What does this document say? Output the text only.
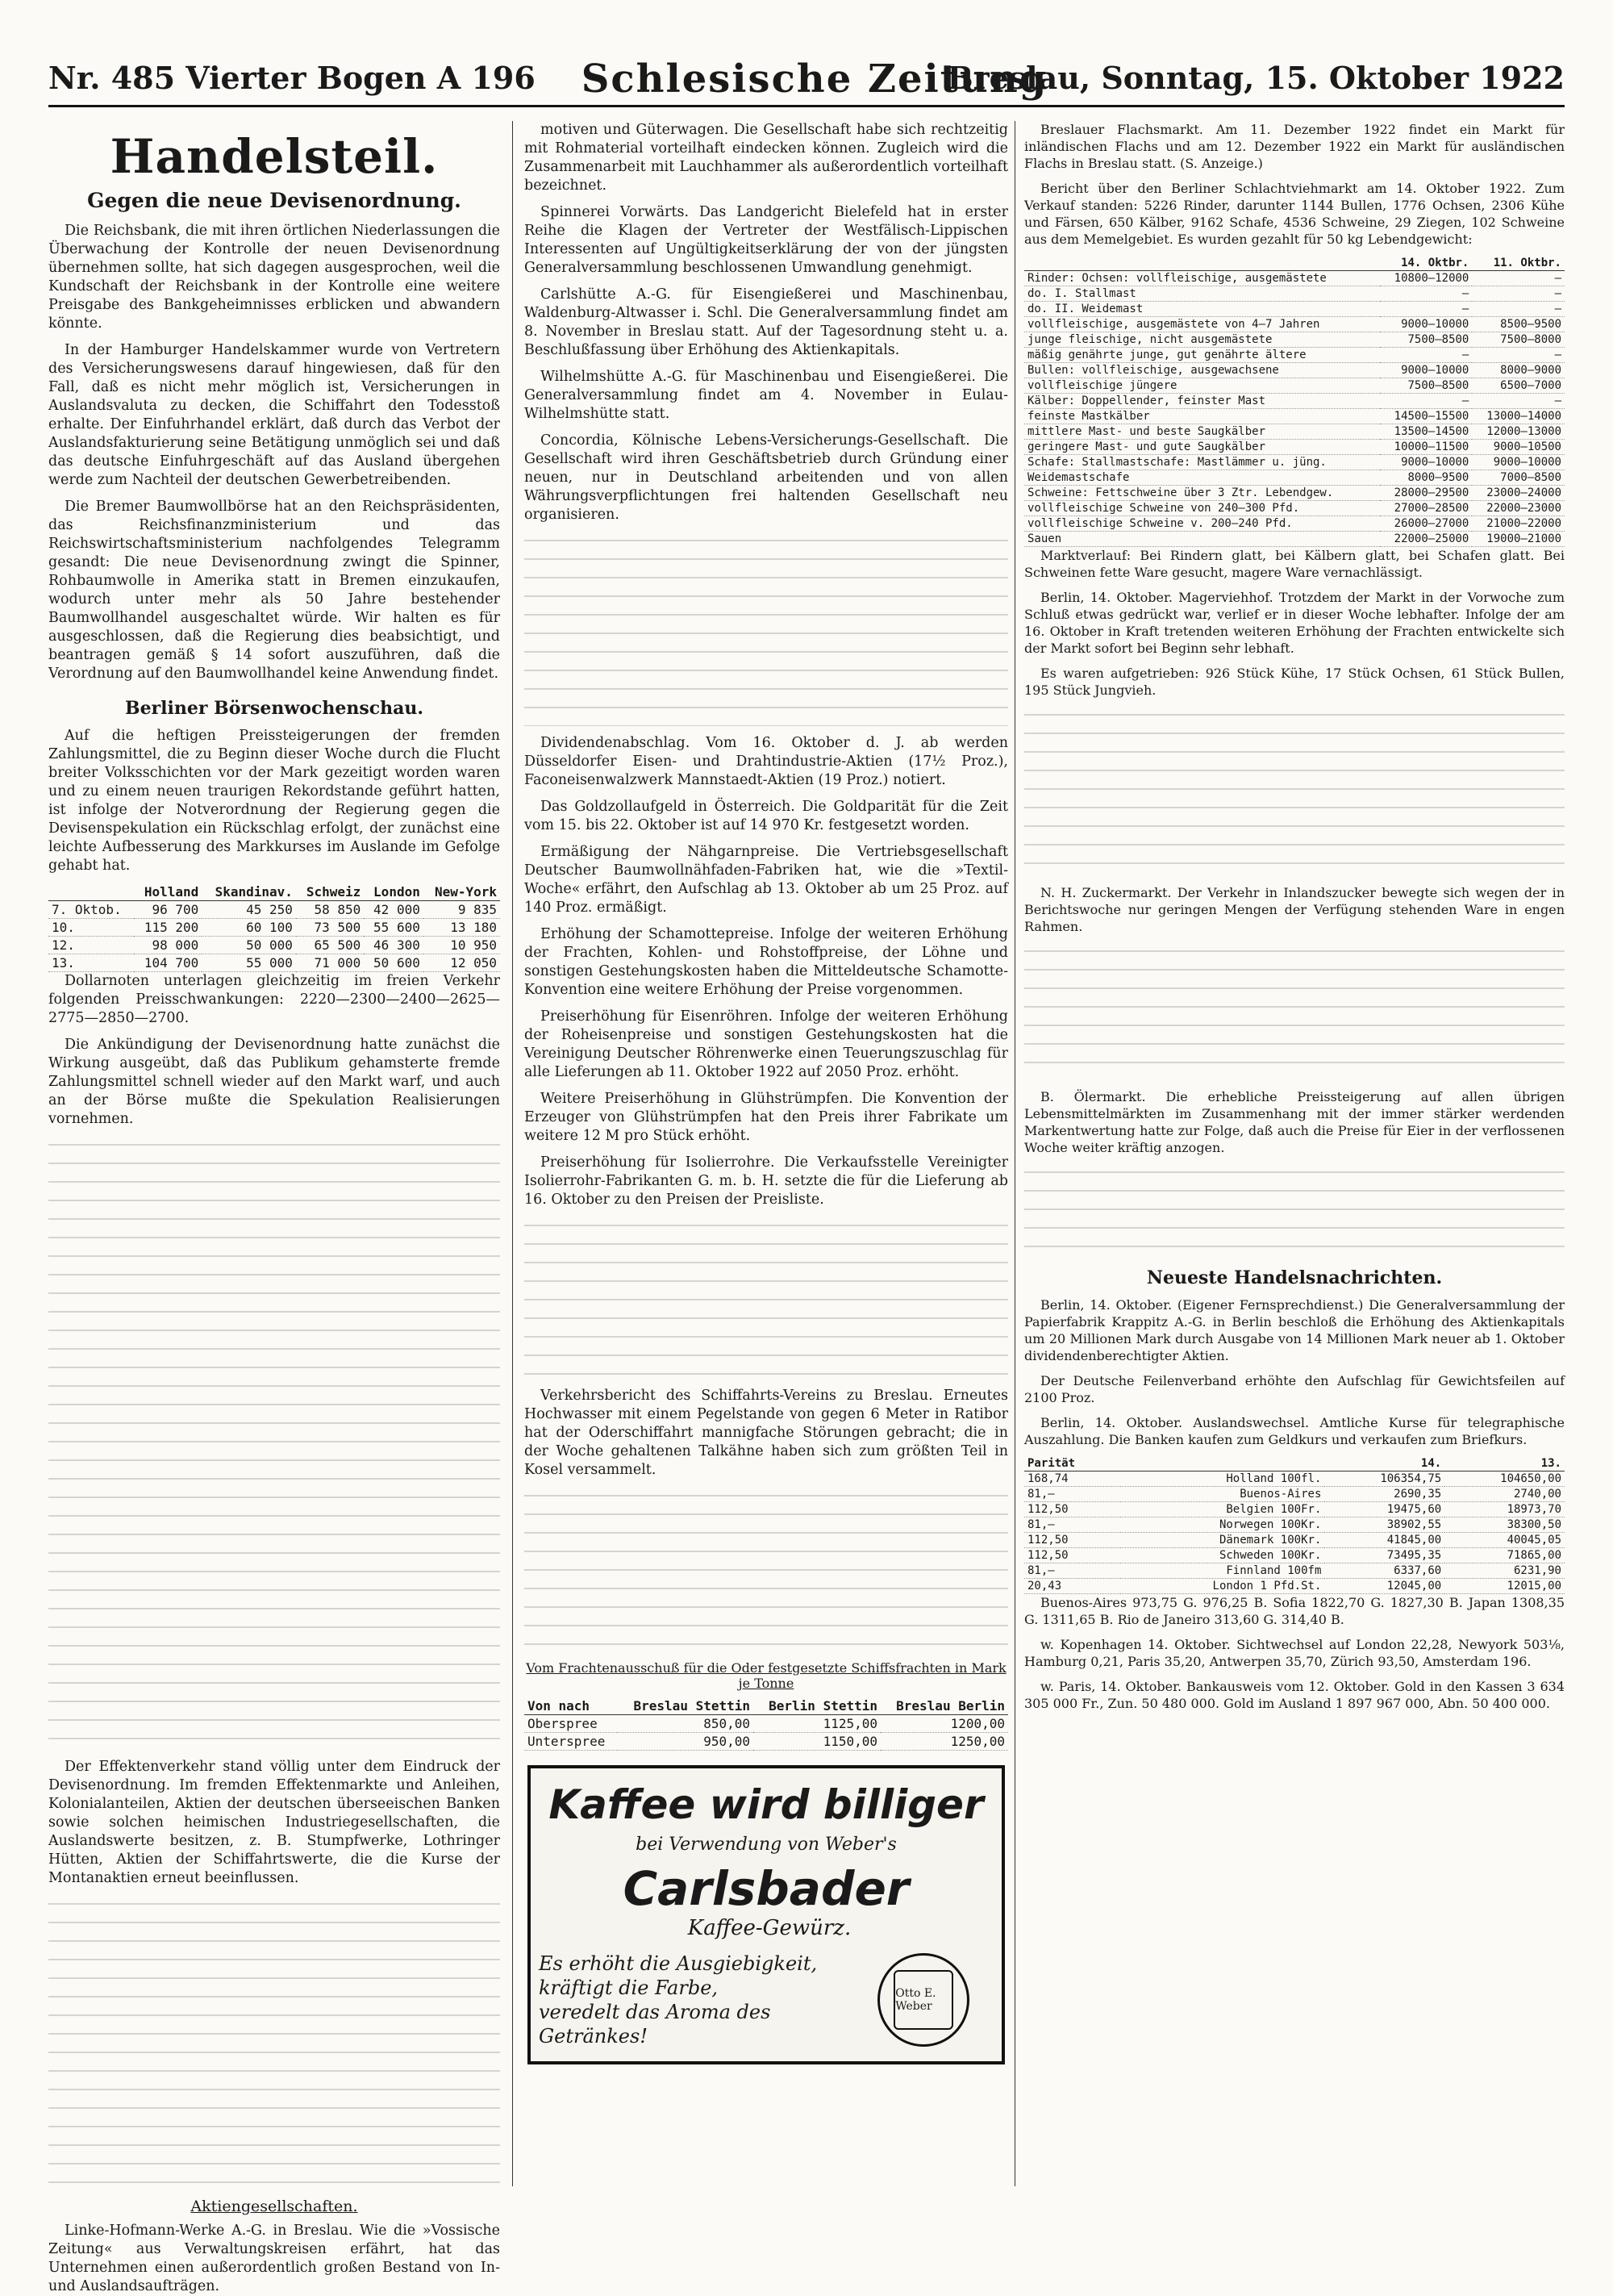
Nr. 485 Vierter Bogen A 196	Schlesische Zeitung
Breslau, Sonntag, 15. Oktober 1922
Handelsteil.
Gegen die neue Devisenordnung.

Die Reichsbank, die mit ihren örtlichen Niederlassungen die Überwachung der Kontrolle der neuen Devisenordnung übernehmen sollte, hat sich dagegen ausgesprochen, weil die Kundschaft der Reichsbank in der Kontrolle eine weitere Preisgabe des Bankgeheimnisses erblicken und abwandern könnte.

In der Hamburger Handelskammer wurde von Vertretern des Versicherungswesens darauf hingewiesen, daß für den Fall, daß es nicht mehr möglich ist, Versicherungen in Auslandsvaluta zu decken, die Schiffahrt den Todesstoß erhalte. Der Einfuhrhandel erklärt, daß durch das Verbot der Auslandsfakturierung seine Betätigung unmöglich sei und daß das deutsche Einfuhrgeschäft auf das Ausland übergehen werde zum Nachteil der deutschen Gewerbetreibenden.

Die Bremer Baumwollbörse hat an den Reichspräsidenten, das Reichsfinanzministerium und das Reichswirtschaftsministerium nachfolgendes Telegramm gesandt: Die neue Devisenordnung zwingt die Spinner, Rohbaumwolle in Amerika statt in Bremen einzukaufen, wodurch unter mehr als 50 Jahre bestehender Baumwollhandel ausgeschaltet würde. Wir halten es für ausgeschlossen, daß die Regierung dies beabsichtigt, und beantragen gemäß § 14 sofort auszuführen, daß die Verordnung auf den Baumwollhandel keine Anwendung findet.

Berliner Börsenwochenschau.

Auf die heftigen Preissteigerungen der fremden Zahlungsmittel, die zu Beginn dieser Woche durch die Flucht breiter Volksschichten vor der Mark gezeitigt worden waren und zu einem neuen traurigen Rekordstande geführt hatten, ist infolge der Notverordnung der Regierung gegen die Devisenspekulation ein Rückschlag erfolgt, der zunächst eine leichte Aufbesserung des Markkurses im Auslande im Gefolge gehabt hat.

	Holland	Skandinav.	Schweiz	London	New-York
7. Oktob.	96 700	45 250	58 850	42 000	9 835
10.	115 200	60 100	73 500	55 600	13 180
12.	98 000	50 000	65 500	46 300	10 950
13.	104 700	55 000	71 000	50 600	12 050

Dollarnoten unterlagen gleichzeitig im freien Verkehr folgenden Preisschwankungen: 2220—2300—2400—2625—2775—2850—2700.

Die Ankündigung der Devisenordnung hatte zunächst die Wirkung ausgeübt, daß das Publikum gehamsterte fremde Zahlungsmittel schnell wieder auf den Markt warf, und auch an der Börse mußte die Spekulation Realisierungen vornehmen.

Der Effektenverkehr stand völlig unter dem Eindruck der Devisenordnung. Im fremden Effektenmarkte und Anleihen, Kolonialanteilen, Aktien der deutschen überseeischen Banken sowie solchen heimischen Industriegesellschaften, die Auslandswerte besitzen, z. B. Stumpfwerke, Lothringer Hütten, Aktien der Schiffahrtswerte, die die Kurse der Montanaktien erneut beeinflussen.

Aktiengesellschaften.

Linke-Hofmann-Werke A.-G. in Breslau. Wie die »Vossische Zeitung« aus Verwaltungskreisen erfährt, hat das Unternehmen einen außerordentlich großen Bestand von In- und Auslandsaufträgen.

motiven und Güterwagen. Die Gesellschaft habe sich rechtzeitig mit Rohmaterial vorteilhaft eindecken können. Zugleich wird die Zusammenarbeit mit Lauchhammer als außerordentlich vorteilhaft bezeichnet.

Spinnerei Vorwärts. Das Landgericht Bielefeld hat in erster Reihe die Klagen der Vertreter der Westfälisch-Lippischen Interessenten auf Ungültigkeitserklärung der von der jüngsten Generalversammlung beschlossenen Umwandlung genehmigt.

Carlshütte A.-G. für Eisengießerei und Maschinenbau, Waldenburg-Altwasser i. Schl. Die Generalversammlung findet am 8. November in Breslau statt. Auf der Tagesordnung steht u. a. Beschlußfassung über Erhöhung des Aktienkapitals.

Wilhelmshütte A.-G. für Maschinenbau und Eisengießerei. Die Generalversammlung findet am 4. November in Eulau-Wilhelmshütte statt.

Concordia, Kölnische Lebens-Versicherungs-Gesellschaft. Die Gesellschaft wird ihren Geschäftsbetrieb durch Gründung einer neuen, nur in Deutschland arbeitenden und von allen Währungsverpflichtungen frei haltenden Gesellschaft neu organisieren.

Dividendenabschlag. Vom 16. Oktober d. J. ab werden Düsseldorfer Eisen- und Drahtindustrie-Aktien (17½ Proz.), Faconeisenwalzwerk Mannstaedt-Aktien (19 Proz.) notiert.

Das Goldzollaufgeld in Österreich. Die Goldparität für die Zeit vom 15. bis 22. Oktober ist auf 14 970 Kr. festgesetzt worden.

Ermäßigung der Nähgarnpreise. Die Vertriebsgesellschaft Deutscher Baumwollnähfaden-Fabriken hat, wie die »Textil-Woche« erfährt, den Aufschlag ab 13. Oktober ab um 25 Proz. auf 140 Proz. ermäßigt.

Erhöhung der Schamottepreise. Infolge der weiteren Erhöhung der Frachten, Kohlen- und Rohstoffpreise, der Löhne und sonstigen Gestehungskosten haben die Mitteldeutsche Schamotte-Konvention eine weitere Erhöhung der Preise vorgenommen.

Preiserhöhung für Eisenröhren. Infolge der weiteren Erhöhung der Roheisenpreise und sonstigen Gestehungskosten hat die Vereinigung Deutscher Röhrenwerke einen Teuerungszuschlag für alle Lieferungen ab 11. Oktober 1922 auf 2050 Proz. erhöht.

Weitere Preiserhöhung in Glühstrümpfen. Die Konvention der Erzeuger von Glühstrümpfen hat den Preis ihrer Fabrikate um weitere 12 M pro Stück erhöht.

Preiserhöhung für Isolierrohre. Die Verkaufsstelle Vereinigter Isolierrohr-Fabrikanten G. m. b. H. setzte die für die Lieferung ab 16. Oktober zu den Preisen der Preisliste.

Verkehrsbericht des Schiffahrts-Vereins zu Breslau. Erneutes Hochwasser mit einem Pegelstande von gegen 6 Meter in Ratibor hat der Oderschiffahrt mannigfache Störungen gebracht; die in der Woche gehaltenen Talkähne haben sich zum größten Teil in Kosel versammelt.

Vom Frachtenausschuß für die Oder festgesetzte Schiffsfrachten in Mark je Tonne
Von nach	Breslau Stettin	Berlin Stettin	Breslau Berlin
Oberspree	850,00	1125,00	1200,00
Unterspree	950,00	1150,00	1250,00
Kaffee wird billiger
bei Verwendung von Weber's
Carlsbader Kaffee-Gewürz.
Es erhöht die Ausgiebigkeit,
kräftigt die Farbe,
veredelt das Aroma des Getränkes!
Otto E. Weber

Breslauer Flachsmarkt. Am 11. Dezember 1922 findet ein Markt für inländischen Flachs und am 12. Dezember 1922 ein Markt für ausländischen Flachs in Breslau statt. (S. Anzeige.)

Bericht über den Berliner Schlachtviehmarkt am 14. Oktober 1922. Zum Verkauf standen: 5226 Rinder, darunter 1144 Bullen, 1776 Ochsen, 2306 Kühe und Färsen, 650 Kälber, 9162 Schafe, 4536 Schweine, 29 Ziegen, 102 Schweine aus dem Memelgebiet. Es wurden gezahlt für 50 kg Lebendgewicht:

	14. Oktbr.	11. Oktbr.
Rinder: Ochsen: vollfleischige, ausgemästete	10800—12000	—
do. I. Stallmast	—	—
do. II. Weidemast	—	—
vollfleischige, ausgemästete von 4—7 Jahren	9000—10000	8500—9500
junge fleischige, nicht ausgemästete	7500—8500	7500—8000
mäßig genährte junge, gut genährte ältere	—	—
Bullen: vollfleischige, ausgewachsene	9000—10000	8000—9000
vollfleischige jüngere	7500—8500	6500—7000
Kälber: Doppellender, feinster Mast	—	—
feinste Mastkälber	14500—15500	13000—14000
mittlere Mast- und beste Saugkälber	13500—14500	12000—13000
geringere Mast- und gute Saugkälber	10000—11500	9000—10500
Schafe: Stallmastschafe: Mastlämmer u. jüng.	9000—10000	9000—10000
Weidemastschafe	8000—9500	7000—8500
Schweine: Fettschweine über 3 Ztr. Lebendgew.	28000—29500	23000—24000
vollfleischige Schweine von 240—300 Pfd.	27000—28500	22000—23000
vollfleischige Schweine v. 200—240 Pfd.	26000—27000	21000—22000
Sauen	22000—25000	19000—21000

Marktverlauf: Bei Rindern glatt, bei Kälbern glatt, bei Schafen glatt. Bei Schweinen fette Ware gesucht, magere Ware vernachlässigt.

Berlin, 14. Oktober. Magerviehhof. Trotzdem der Markt in der Vorwoche zum Schluß etwas gedrückt war, verlief er in dieser Woche lebhafter. Infolge der am 16. Oktober in Kraft tretenden weiteren Erhöhung der Frachten entwickelte sich der Markt sofort bei Beginn sehr lebhaft.

Es waren aufgetrieben: 926 Stück Kühe, 17 Stück Ochsen, 61 Stück Bullen, 195 Stück Jungvieh.

N. H. Zuckermarkt. Der Verkehr in Inlandszucker bewegte sich wegen der in Berichtswoche nur geringen Mengen der Verfügung stehenden Ware in engen Rahmen.

B. Ölermarkt. Die erhebliche Preissteigerung auf allen übrigen Lebensmittelmärkten im Zusammenhang mit der immer stärker werdenden Markentwertung hatte zur Folge, daß auch die Preise für Eier in der verflossenen Woche weiter kräftig anzogen.

Neueste Handelsnachrichten.

Berlin, 14. Oktober. (Eigener Fernsprechdienst.) Die Generalversammlung der Papierfabrik Krappitz A.-G. in Berlin beschloß die Erhöhung des Aktienkapitals um 20 Millionen Mark durch Ausgabe von 14 Millionen Mark neuer ab 1. Oktober dividendenberechtigter Aktien.

Der Deutsche Feilenverband erhöhte den Aufschlag für Gewichtsfeilen auf 2100 Proz.

Berlin, 14. Oktober. Auslandswechsel. Amtliche Kurse für telegraphische Auszahlung. Die Banken kaufen zum Geldkurs und verkaufen zum Briefkurs.

Parität		14.	13.
168,74	Holland 100fl.	106354,75	104650,00
81,—	Buenos-Aires	2690,35	2740,00
112,50	Belgien 100Fr.	19475,60	18973,70
81,—	Norwegen 100Kr.	38902,55	38300,50
112,50	Dänemark 100Kr.	41845,00	40045,05
112,50	Schweden 100Kr.	73495,35	71865,00
81,—	Finnland 100fm	6337,60	6231,90
20,43	London 1 Pfd.St.	12045,00	12015,00

Buenos-Aires 973,75 G. 976,25 B. Sofia 1822,70 G. 1827,30 B. Japan 1308,35 G. 1311,65 B. Rio de Janeiro 313,60 G. 314,40 B.

w. Kopenhagen 14. Oktober. Sichtwechsel auf London 22,28, Newyork 503⅛, Hamburg 0,21, Paris 35,20, Antwerpen 35,70, Zürich 93,50, Amsterdam 196.

w. Paris, 14. Oktober. Bankausweis vom 12. Oktober. Gold in den Kassen 3 634 305 000 Fr., Zun. 50 480 000. Gold im Ausland 1 897 967 000, Abn. 50 400 000.
